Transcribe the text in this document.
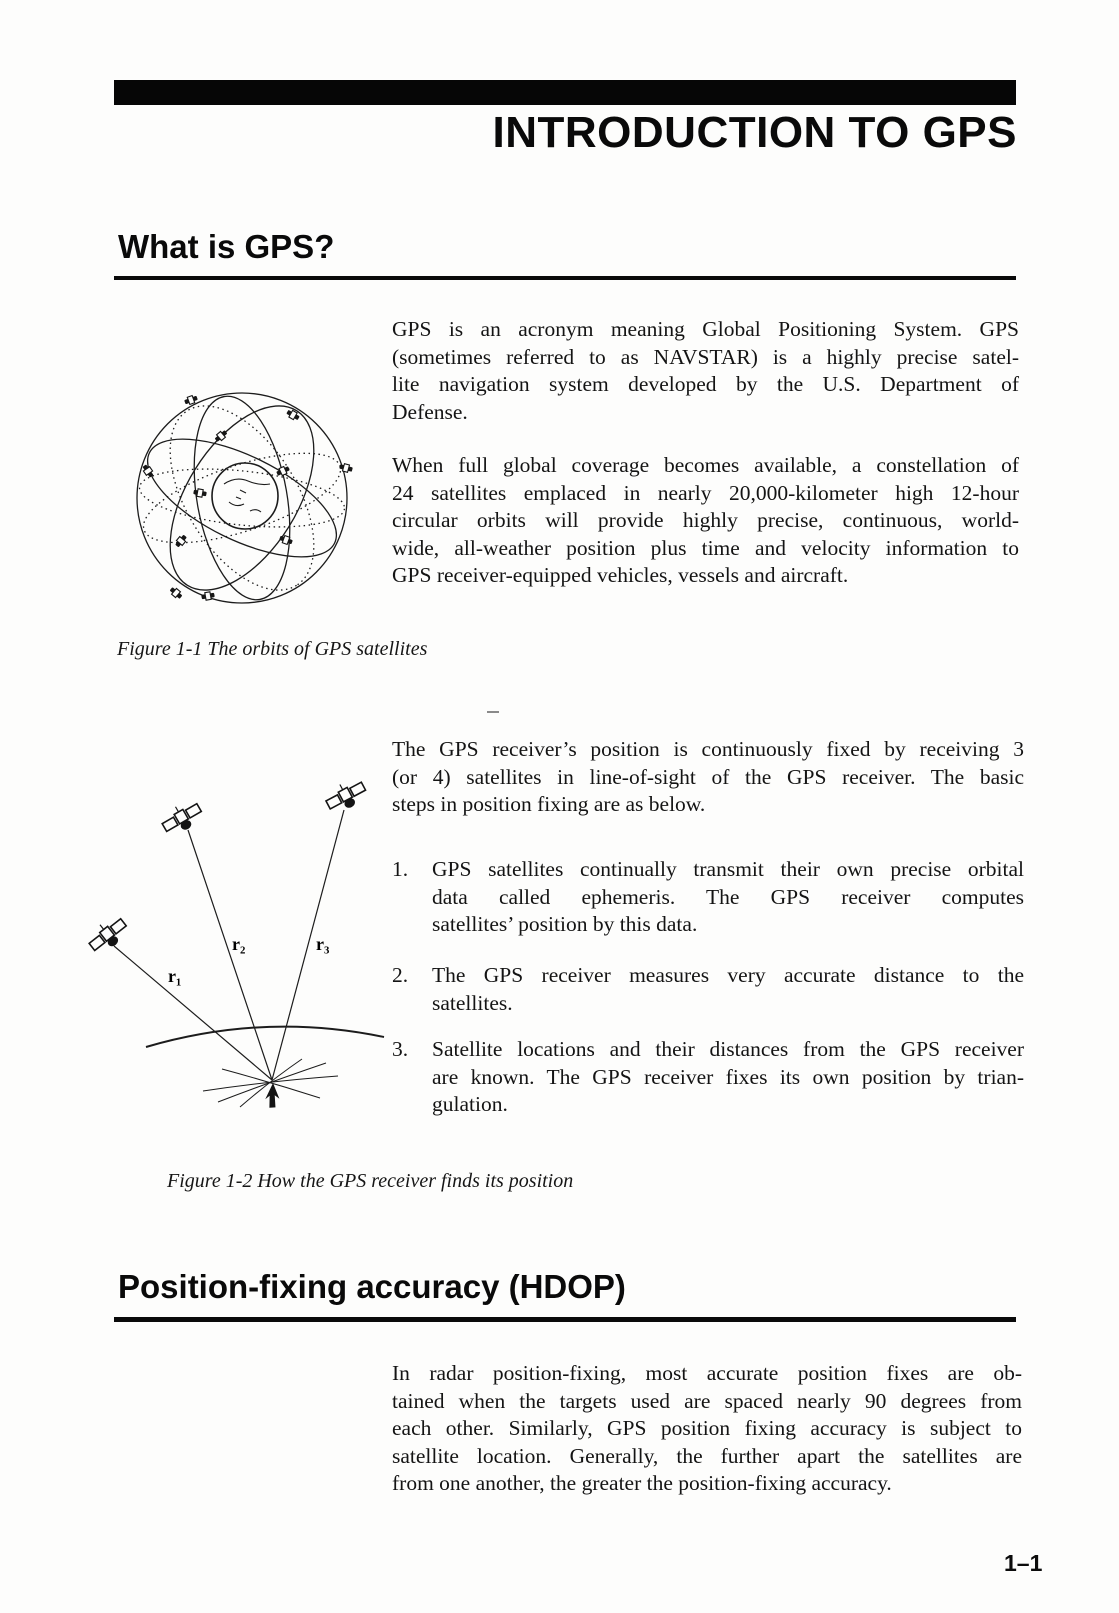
INTRODUCTION TO GPS
What is GPS?
GPS is an acronym meaning Global Positioning System. GPS
(sometimes referred to as NAVSTAR) is a highly precise satel-
lite navigation system developed by the U.S. Department of
Defense.
When full global coverage becomes available, a constellation of
24 satellites emplaced in nearly 20,000-kilometer high 12-hour
circular orbits will provide highly precise, continuous, world-
wide, all-weather position plus time and velocity information to
GPS receiver-equipped vehicles, vessels and aircraft.
Figure 1-1 The orbits of GPS satellites
The GPS receiver’s position is continuously fixed by receiving 3
(or 4) satellites in line-of-sight of the GPS receiver. The basic
steps in position fixing are as below.
1.	GPS satellites continually transmit their own precise orbital
data called ephemeris. The GPS receiver computes
satellites’ position by this data.
2.	The GPS receiver measures very accurate distance to the
satellites.
3.	Satellite locations and their distances from the GPS receiver
are known. The GPS receiver fixes its own position by trian-
gulation.
r₁
r₂	r₃
Figure 1-2 How the GPS receiver finds its position
Position-fixing accuracy (HDOP)
In radar position-fixing, most accurate position fixes are ob-
tained when the targets used are spaced nearly 90 degrees from
each other. Similarly, GPS position fixing accuracy is subject to
satellite location. Generally, the further apart the satellites are
from one another, the greater the position-fixing accuracy.
1–1
